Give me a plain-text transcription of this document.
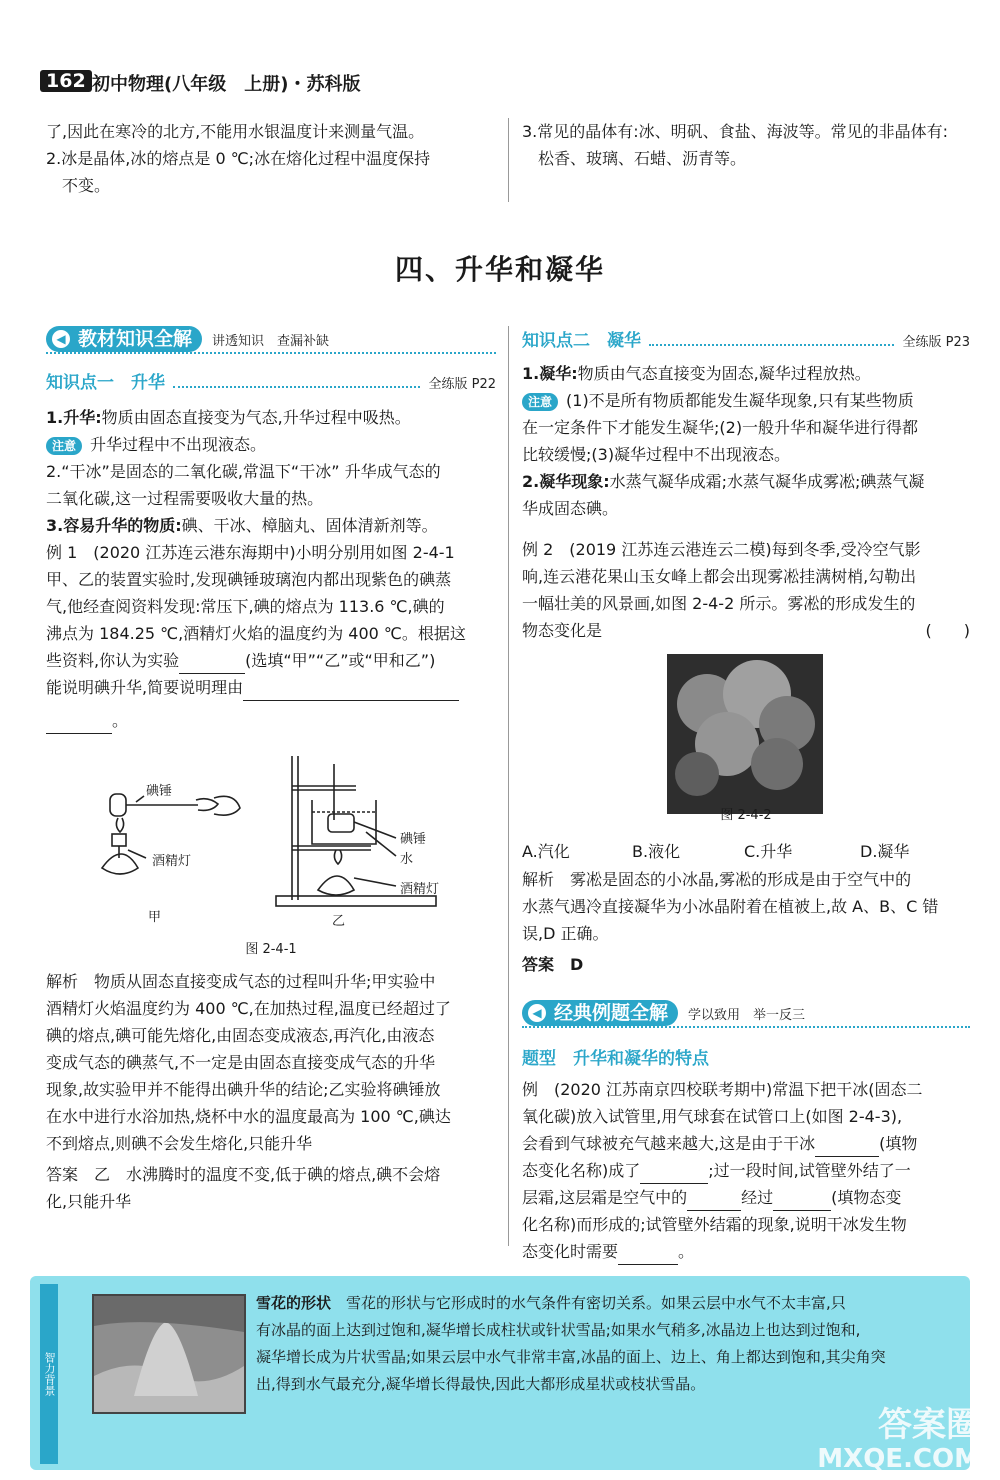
162 初中物理(八年级　上册)・苏科版
了,因此在寒冷的北方,不能用水银温度计来测量气温。
2.冰是晶体,冰的熔点是 0 ℃;冰在熔化过程中温度保持
不变。
3.常见的晶体有:冰、明矾、食盐、海波等。常见的非晶体有:
松香、玻璃、石蜡、沥青等。
四、升华和凝华
◀ 教材知识全解	讲透知识　查漏补缺
知识点一　升华	全练版 P22
1.升华:物质由固态直接变为气态,升华过程中吸热。
注意 升华过程中不出现液态。
2.“干冰”是固态的二氧化碳,常温下“干冰” 升华成气态的
二氧化碳,这一过程需要吸收大量的热。
3.容易升华的物质:碘、干冰、樟脑丸、固体清新剂等。
例 1　(2020 江苏连云港东海期中)小明分别用如图 2-4-1
甲、乙的装置实验时,发现碘锤玻璃泡内都出现紫色的碘蒸
气,他经查阅资料发现:常压下,碘的熔点为 113.6 ℃,碘的
沸点为 184.25 ℃,酒精灯火焰的温度约为 400 ℃。根据这
些资料,你认为实验	(选填“甲”“乙”或“甲和乙”)
能说明碘升华,简要说明理由
。
碘锤
酒精灯
甲
碘锤
水
酒精灯
乙
图 2-4-1
解析　物质从固态直接变成气态的过程叫升华;甲实验中
酒精灯火焰温度约为 400 ℃,在加热过程,温度已经超过了
碘的熔点,碘可能先熔化,由固态变成液态,再汽化,由液态
变成气态的碘蒸气,不一定是由固态直接变成气态的升华
现象,故实验甲并不能得出碘升华的结论;乙实验将碘锤放
在水中进行水浴加热,烧杯中水的温度最高为 100 ℃,碘达
不到熔点,则碘不会发生熔化,只能升华
答案　乙　水沸腾时的温度不变,低于碘的熔点,碘不会熔
化,只能升华
知识点二　凝华	全练版 P23
1.凝华:物质由气态直接变为固态,凝华过程放热。
注意 (1)不是所有物质都能发生凝华现象,只有某些物质
在一定条件下才能发生凝华;(2)一般升华和凝华进行得都
比较缓慢;(3)凝华过程中不出现液态。
2.凝华现象:水蒸气凝华成霜;水蒸气凝华成雾凇;碘蒸气凝
华成固态碘。
例 2　(2019 江苏连云港连云二模)每到冬季,受冷空气影
响,连云港花果山玉女峰上都会出现雾凇挂满树梢,勾勒出
一幅壮美的风景画,如图 2-4-2 所示。雾凇的形成发生的
物态变化是	(　　)
图 2-4-2
A.汽化	B.液化	C.升华	D.凝华
解析　雾凇是固态的小冰晶,雾凇的形成是由于空气中的
水蒸气遇冷直接凝华为小冰晶附着在植被上,故 A、B、C 错
误,D 正确。
答案　D
◀ 经典例题全解	学以致用　举一反三
题型　升华和凝华的特点
例　(2020 江苏南京四校联考期中)常温下把干冰(固态二
氧化碳)放入试管里,用气球套在试管口上(如图 2-4-3),
会看到气球被充气越来越大,这是由于干冰	(填物
态变化名称)成了	;过一段时间,试管壁外结了一
层霜,这层霜是空气中的	经过	(填物态变
化名称)而形成的;试管壁外结霜的现象,说明干冰发生物
态变化时需要	。
智力背景
雪花的形状　 雪花的形状与它形成时的水气条件有密切关系。如果云层中水气不太丰富,只
有冰晶的面上达到过饱和,凝华增长成柱状或针状雪晶;如果水气稍多,冰晶边上也达到过饱和,
凝华增长成为片状雪晶;如果云层中水气非常丰富,冰晶的面上、边上、角上都达到饱和,其尖角突
出,得到水气最充分,凝华增长得最快,因此大都形成星状或枝状雪晶。
答案圈
MXQE.COM
